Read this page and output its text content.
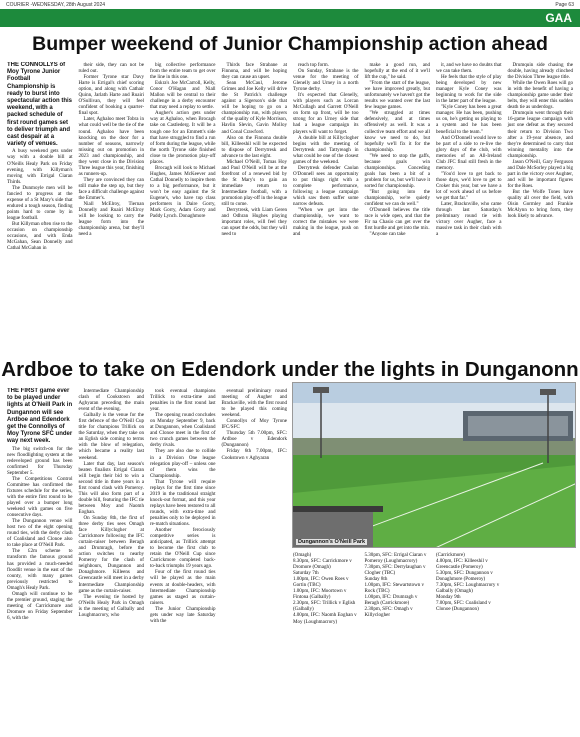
COURIER -WEDNESDAY, 28th August 2024	Page 63
GAA
Bumper weekend of Junior Championship action ahead

THE CONNOLLYS of Moy Tyrone Junior Football Championship is ready to burst into spectacular action this weekend, with a packed schedule of first round games set to deliver triumph and cast despair at a variety of venues.

A busy weekend gets under way with a double bill at O'Neills Healy Park on Friday evening, with Killyman's moving with Errigal Ciaran Thirds.

The Dunmoyle men will be fancied to progress at the expense of a St Mary's side that endured a tough season, finding points hard to come by in league football.

But Killyman often rise to the occasion on championship occasions, and with Enda McGahan, Sean Donnelly and Cathal McGahan in

their side, they can not be ruled out.

Former Tyrone star Davy Harte is Errigal's chief scoring option, and along with Cathair Quinn, Jarlath Harte and Ruairi O'Sullivan, they will feel confident of booking a quarter-final spot.

Later, Aghaloo meet Tobra in what could well be the tie of the round. Aghaloo have been knocking on the door for a number of seasons, narrowly missing out on promotion in 2023 and championship, and they went close in the Division Three league this year, finishing as runners-up.

They are convinced they can still make the step up, but they face a difficult challenge against the Emmer's.

Niall McElroy, Tiernan Donnelly and Ruairi McElroy will be looking to carry the league form into the championship arena, but they'll need a

big collective performance from the entire team to get over the line in this one.

Eskra's Joe McCarroll, Kelly, Conor O'Hagan and Niall Mallon will be central to their challenge in a derby encounter that may need a replay to settle.

Augher's action gets under way at Aghaloo, when Brocagh take on Castlederg. It will be a tough one for an Emmett's side that have struggled to find a run of form during the league, while the north Tyrone side finished close to the promotion play-off places.

Brocagh will look to Michael Hughes, James McKeever and Cathal Donnelly to inspire them to a big performance, but it won't be easy against the St Eugene's, who have top class performers in Daire Gorry, Mark Gorry, Adam Gorry and Paddy Lynch. Donaghmore

Thirds face Strabane at Finnona, and will be hoping they can cause an upset.

Sean McCaul, Jerome Grimes and Joe Kelly will drive the St Patrick's challenge against a Sigerson's side that will be hoping to go on a championship run, with players of the quality of Kyle Morrison, Havlin Slevin, Gavin Molloy and Conal Crawford.

Also on the Finnona double bill, Killeeshil will be expected to dispose of Derrytresk and advance to the last eight.

Michael O'Neill, Tomas Hoy and Paul O'Neill will be at the forefront of a renewed bid by the St Mary's to gain an immediate return to Intermediate football, with a promotion play-off in the league still to come.

Derrytresk, with Liam Geren and Odhran Hughes playing important roles, will feel they can upset the odds, but they will need to

reach top form.

On Sunday, Strabane is the venue for the meeting of Glenelly and Urney in a north Tyrone derby.

It's expected that Glenelly, with players such as Lorcan McCullagh and Garrett O'Neill on form up front, will be too strong for an Urney side that had a league campaign its players will want to forget.

A double bill at Killyclogher begins with the meeting of Derrytresk and Tattyreagh in what could be one of the closest games of the weekend.

Derrytresk defender Caolan O'Donnell sees an opportunity to put things right with a complete performance, following a league campaign which saw them suffer some narrow defeats.

"When we get into the championship, we want to correct the mistakes we were making in the league, push on and

make a good run, and hopefully at the end of it we'll lift the cup," he said.

"From the start of the league, we have improved greatly, but unfortunately we haven't got the results we wanted over the last few league games.

"We struggled at times defensively, and at times offensively as well. It was a collective team effort and we all know we need to do, but hopefully we'll fix it for the championship.

"We need to stop the gaffs, because goals win championships. Conceding goals has been a bit of a problem for us, but we'll have it sorted for championship.

"But going into the championship, we're quietly confident we can do well."

O'Donnell believes the title race is wide open, and that the Fir na Chasio can get over the first hurdle and get into the mix.

"Anyone can take

it, and we have no doubts that we can take them.

He feels that the style of play being developed by new manager Kyle Coney was beginning to work for the side in the latter part of the league.

"Kyle Coney has been a great manager. He has been, pushing us on, he's getting us playing to a system and he has been beneficial to the team."

And O'Donnell would love to be part of a side to re-live the glory days of the club, with memories of an All-Ireland Club JFC final still fresh in the memory.

"You'd love to get back to those days, we'd love to get to Croker this year, but we have a lot of work ahead of us before we get that far."

Later, Bracknville, who came through last Saturday's preliminary round tie with victory over Augher, face a massive task in their clash with a

Drumquin side chasing the double, having already clinched the Division Three league title.

While the Owen Roes will go in with the benefit of having a championship game under their belts, they will enter this sudden death tie as underdogs.

Drumquin went through their 16-game league campaign with just one defeat as they secured their return to Division Two after a 19-year absence, and they're determined to carry that winning mentality into the championship.

Jason O'Neill, Gary Ferguson and Dale McSorley played a big part in the victory over Aughter, and will be important figures for the Roes.

But the Wolfe Tones have quality all over the field, with Oisin Gormley and Frankie McAlynn to bring form, they look likely to advance.

Ardboe to take on Edendork under the lights in Dunganonn

THE FIRST game ever to be played under lights at O'Neill Park in Dungannon will see Ardboe and Edendork get the Connollys of Moy Tyrone SFC under way next week.

The big switch-on for the new floodlighting system at the redeveloped ground has been confirmed for Thursday September 5.

The Competitions Control Committee has confirmed the fixtures schedule for the series, with the entire first round to be played over a bumper long weekend with games on five consecutive days.

The Dungannon venue will host two of the eight opening round ties, with the derby clash of Coalisland and Clonoe also to take place at O'Neill Park.

The £2m scheme to transform the famous ground has provided a much-needed floodlit venue in the east of the county, with many games previously restricted to Omagh's Healy Park.

Omagh will continue to be the premier ground, staging the meeting of Carrickmore and Dromore on Friday September 6, with the

Intermediate Championship clash of Cookstown and Aghyaran preceding the main event of the evening.

Galbally is the venue for the first defence of the O'Neill Cup title for champions Trillick on the Saturday, when they take on an Eglish side coming to terms with the blow of relegation, which became a reality last weekend.

Later that day, last season's beaten finalists Errigal Ciaran will begin their bid to win a second title in three years in a first round clash with Pomeroy. This will also form part of a double bill, featuring the IFC tie between Moy and Naomh Eoghan.

On Sunday 8th, the first of three derby ties sees Omagh face Killyclogher at Carrickmore following the IFC curtain-raiser between Beragh and Drumragh, before the action switches to nearby Pomeroy for the clash of neighbours, Dungannon and Donaghmore. Killeens and Greencastle will meet in a derby Intermediate Championship game as the curtain-raiser.

The evening tie hosted by O'Neills Healy Park in Omagh is the meeting of Galbally and Loughmacrory, who

took eventual champions Trillick to extra-time and penalties in the first round last year.

The opening round concludes on Monday September 9, back at Dungannon, when Coalisland and Clonoe meet in the first of two crunch games between the derby rivals.

They are also due to collide in a Division One league relegation play-off – unless one of them wins the Championship.

That Tyrone will require replays for the first time since 2019 in the traditional straight knock-out format, and this year replays have been restored to all rounds, with extra-time and penalties only to be deployed in re-match situations.

Another ferociously competitive series is anticipated, as Trillick attempt to become the first club to retain the O'Neill Cup since Carrickmore completed back-to-back triumphs 19 years ago.

Four of the first round ties will be played as the main events at double-headers, with Intermediate Championship games as staged as curtain-raisers.

The Junior Championship gets under way late Saturday with the

eventual preliminary round meeting of Augher and Brackaville, with the first round to be played this coming weekend.

Connollys of Moy Tyrone IFC/SFC

Thursday 5th 7.00pm, SFC: Ardboe v Edendork (Dungannon)

Friday 6th 7.00pm, IFC: Cookstown v Aghyaran

Dungannon's O'Neill Park

(Omagh)

8.30pm, SFC: Carrickmore v Dromore (Omagh)

Saturday 7th

1.00pm, IFC: Owen Roes v Gortin (TBC)

1.00pm, IFC: Moortown v Fintona (Galbally)

2.30pm, SFC: Trillick v Eglish (Galbally)

4.00pm, IFC: Naomh Eoghan v Moy (Loughmacrory)

5.30pm, SFC: Errigal Ciaran v Pomeroy (Loughmacrory)

7.30pm, SFC: Derrylaughan v Clogher (TBC)

Sunday 8th

1.00pm, IFC: Stewartstown v Rock (TBC)

1.00pm, IFC: Drumragh v Beragh (Carrickmore)

2.30pm, SFC: Omagh v Killyclogher

(Carrickmore)

4.00pm, IFC: Killeeshil v Greencastle (Pomeroy)

5.30pm, SFC: Dungannon v Donaghmore (Pomeroy)

7.30pm, SFC: Loughmacrory v Galbally (Omagh)

Monday 9th

7.00pm, SFC: Coalisland v Clonoe (Dungannon)
